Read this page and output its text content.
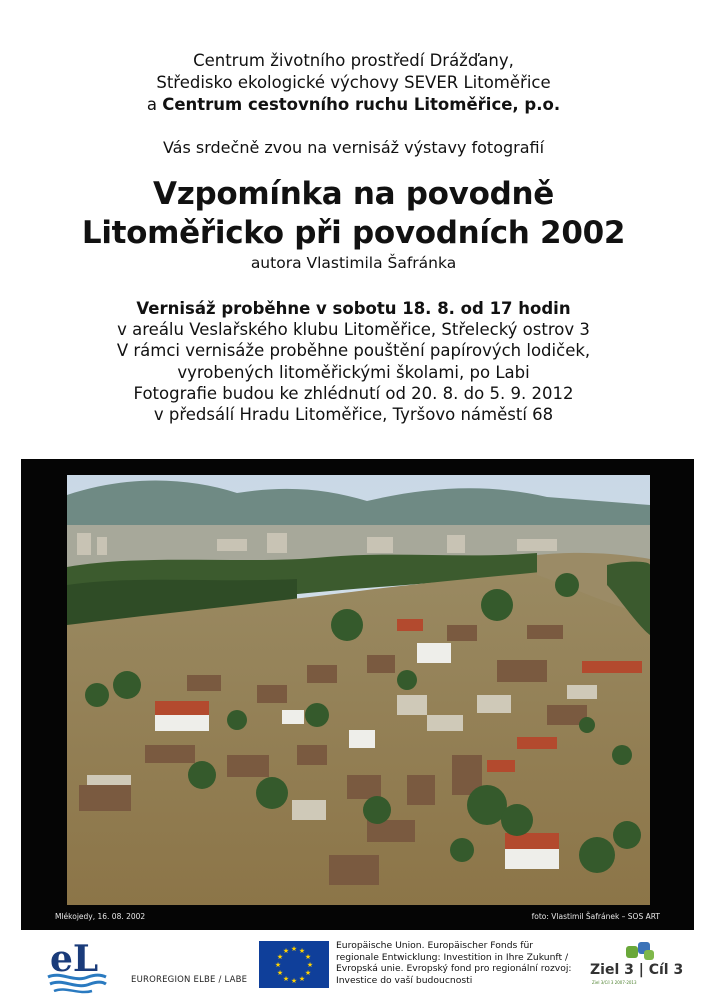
Centrum životního prostředí Drážďany,
Středisko ekologické výchovy SEVER Litoměřice
a Centrum cestovního ruchu Litoměřice, p.o.
Vás srdečně zvou na vernisáž výstavy fotografií
Vzpomínka na povodně
Litoměřicko při povodních 2002
autora Vlastimila Šafránka
Vernisáž proběhne v sobotu 18. 8. od 17 hodin
v areálu Veslařského klubu Litoměřice, Střelecký ostrov 3
V rámci vernisáže proběhne pouštění papírových lodiček,
vyrobených litoměřickými školami, po Labi
Fotografie budou ke zhlédnutí od 20. 8. do 5. 9. 2012
v předsálí Hradu Litoměřice, Tyršovo náměstí 68
Mlékojedy, 16. 08. 2002	foto: Vlastimil Šafránek – SOS ART
eL	EUROREGION ELBE / LABE
★ ★
★
★
★
★
★
★
★
★
★
★	Europäische Union. Europäischer Fonds für regionale Entwicklung: Investition in Ihre Zukunft / Evropská unie. Evropský fond pro regionální rozvoj: Investice do vaší budoucnosti
Ziel 3 | Cíl 3
Ziel 3/Cíl 3 2007-2013
